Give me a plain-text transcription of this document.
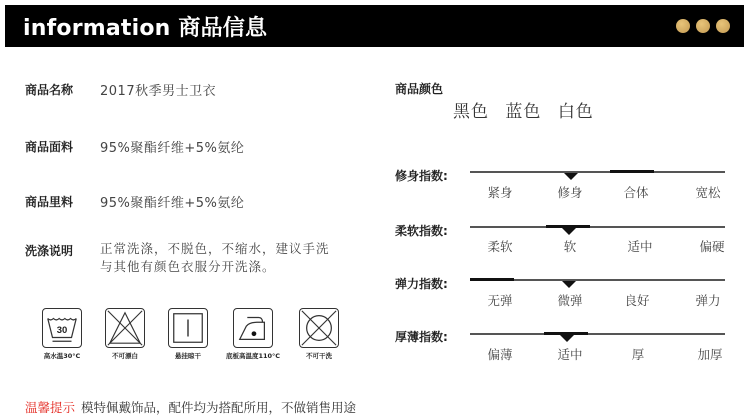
information 商品信息
商品名称 2017秋季男士卫衣
商品面料 95%聚酯纤维+5%氨纶
商品里料 95%聚酯纤维+5%氨纶
洗涤说明 正常洗涤，不脱色，不缩水，建议手洗
与其他有颜色衣服分开洗涤。
30
高水温30°C	不可漂白	悬挂晾干	底板高温度110°C	不可干洗
温馨提示 模特佩戴饰品，配件均为搭配所用，不做销售用途
商品颜色
黑色 蓝色 白色
修身指数:
紧身	修身	合体	宽松
柔软指数:
柔软	软	适中	偏硬
弹力指数:
无弹	微弹	良好	弹力
厚薄指数:
偏薄	适中	厚	加厚
